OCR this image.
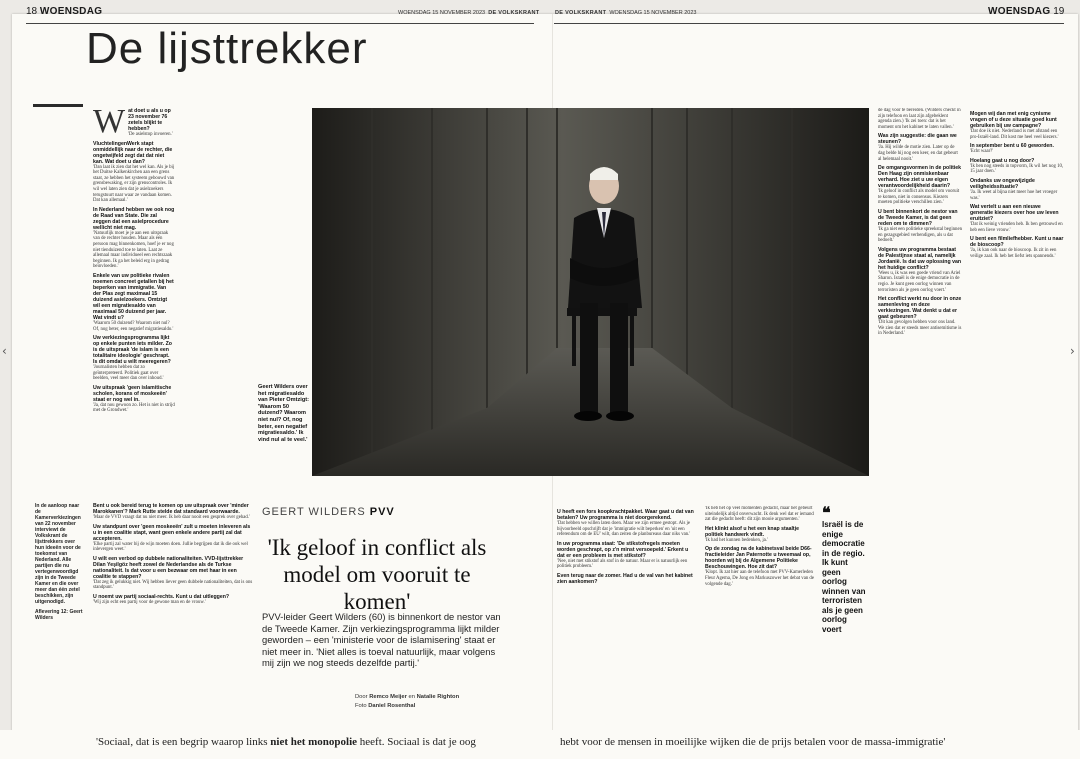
18 WOENSDAG	WOENSDAG 15 NOVEMBER 2023 DE VOLKSKRANT	DE VOLKSKRANT WOENSDAG 15 NOVEMBER 2023	WOENSDAG 19
De lijsttrekker

In de aanloop naar de Kamerverkiezingen van 22 november interviewt de Volkskrant de lijsttrekkers over hun ideeën voor de toekomst van Nederland. Alle partijen die nu vertegenwoordigd zijn in de Tweede Kamer en die over meer dan één zetel beschikken, zijn uitgenodigd.

Aflevering 12: Geert Wilders

W at doet u als u op 23 november 76 zetels blijkt te hebben?
'De asielstop invoeren.'
VluchtelingenWerk stapt onmiddellijk naar de rechter, die ongetwijfeld zegt dat dat niet kan. Wat doet u dan?
'Dan laat ik zien dat het wel kan. Als je bij het Duitse Kalkenkirchen aan een grens staat, ze hebben het systeem gebouwd van grensbewaking, er zijn grenscontroles. Ik wil wel laten zien dat je asielzoekers terugstuurt naar waar ze vandaan komen. Dat kan allemaal.'
In Nederland hebben we ook nog de Raad van State. Die zal zeggen dat een asielprocedure wellicht niet mag.
'Natuurlijk moet je je aan een uitspraak van de rechter houden. Maar als één persoon mag binnenkomen, hoef je er nog niet tienduizend toe te laten. Laat ze allemaal maar individueel een rechtszaak beginnen. Ik ga het beleid erg in gedrag beïnvloeden.'
Enkele van uw politieke rivalen noemen concreet getallen bij het beperken van immigratie. Van der Plas zegt maximaal 15 duizend asielzoekers. Omtzigt wil een migratiesaldo van maximaal 50 duizend per jaar. Wat vindt u?
'Waarom 50 duizend? Waarom niet nul? Of, nog beter, een negatief migratiesaldo.'
Uw verkiezingsprogramma lijkt op enkele punten iets milder. Zo is de uitspraak 'de islam is een totalitaire ideologie' geschrapt. Is dit omdat u wilt meeregeren?
'Journalisten hebben dat zo geïnterpreteerd. Politiek gaat over beelden, veel meer dan over inhoud.'
Uw uitspraak 'geen islamitische scholen, korans of moskeeën' staat er nog wel in.
'Ja, dat nou gewoon zo. Het is niet in strijd met de Grondwet.'
Bent u ook bereid terug te komen op uw uitspraak over 'minder Marokkanen'? Mark Rutte stelde dat standaard voorwaarde.
'Maar de VVD vraagt dat nu niet meer. Ik heb daar nooit een gesprek over gehad.'
Uw standpunt over 'geen moskeeën' zult u moeten inleveren als u in een coalitie stapt, want geen enkele andere partij zal dat accepteren.
'Elke partij zal water bij de wijn moeten doen. Jullie begrijpen dat ik die ook wel inlevergen weet.'
U wilt een verbod op dubbele nationaliteiten. VVD-lijsttrekker Dilan Yeşilgöz heeft zowel de Nederlandse als de Turkse nationaliteit. Is dat voor u een bezwaar om met haar in een coalitie te stappen?
'Dat zeg ik gelukkig niet. Wij hebben liever geen dubbele nationaliteiten, dat is ons standpunt.'
U noemt uw partij sociaal-rechts. Kunt u dat uitleggen?
'Wij zijn echt een partij voor de gewone man en de vrouw.'
Geert Wilders over het migratiesaldo van Pieter Omtzigt: 'Waarom 50 duizend? Waarom niet nul? Of, nog beter, een negatief migratiesaldo.' Ik vind nul al te veel.'
GEERT WILDERS PVV
'Ik geloof in conflict als model om vooruit te komen'
PVV-leider Geert Wilders (60) is binnenkort de nestor van de Tweede Kamer. Zijn verkiezingsprogramma lijkt milder geworden – een 'ministerie voor de islamisering' staat er niet meer in. 'Niet alles is toeval natuurlijk, maar volgens mij zijn we nog steeds dezelfde partij.'
Door Remco Meijer en Natalie Righton
Foto Daniel Rosenthal
U heeft een fors koopkrachtpakket. Waar gaat u dat van betalen? Uw programma is niet doorgerekend.
'Dat hebben we willen laten doen. Maar we zijn ermee gestopt. Als je bijvoorbeeld opschrijft dat je 'immigratie wilt beperken' en 'uit een referendum om de EU' wilt, dan zeiten de planbureaus daar niks van.'
In uw programma staat: 'De stikstofregels moeten worden geschrapt, op z'n minst versoepeld.' Erkent u dat er een probleem is met stikstof?
'Nee, niet met stikstof als stof in de natuur. Maar er is natuurlijk een politiek probleem.'
Even terug naar de zomer. Had u de val van het kabinet zien aankomen?
'Ik heb het op veel momenten gedacht, maar het gebeurt uiteindelijk altijd onverwacht. Ik denk wel dat er iemand zat die gedacht heeft: dit zijn mooie argumenten.'
Het klinkt alsof u het een knap staaltje politiek handwerk vindt.
'Ik had het kunnen bedenken, ja.'
Op de zondag na de kabinetsval beide D66-fractieleider Jan Paternotte u tweemaal op, hoorden wij bij de Algemene Politieke Beschouwingen. Hoe zit dat?
'Klopt. Ik zat hier aan de telefoon met PVV-Kamerleden Fleur Agema, De Jong en Markuszower het debat van de volgende dag.'
❝
Israël is de enige democratie in de regio. Ik kunt geen oorlog winnen van terroristen als je geen oorlog voert
de dag voor te bereiden. (Wilders checkt in zijn telefoon en laat zijn afgebeklent agenda zien.) 'Ik zei toen: dat is het moment om het kabinet te laten vallen.'
Was zijn suggestie: die gaan we steunen?
'Ja. Hij wilde de motie zien. Later op de dag belde hij nog een keer, en dat gebeurt al helemaal nooit.'
De omgangsvormen in de politiek Den Haag zijn onmiskenbaar verhard. Hoe ziet u uw eigen verantwoordelijkheid daarin?
'Ik geloof in conflict als model om vooruit te komen, niet in consensus. Kiezers moeten politieke verschillen zien.'
U bent binnenkort de nestor van de Tweede Kamer, is dat geen reden om te dimmen?
'Ik ga niet een politieke spreekstal beginnen en gezagsgebied verbendigen, als u dat bedoelt.'
Volgens uw programma bestaat de Palestijnse staat al, namelijk Jordanië. Is dat uw oplossing van het huidige conflict?
'Wees u, ik was een goede vriend van Ariel Sharon. Israël is de enige democratie in de regio. Je kunt geen oorlog winnen van terroristen als je geen oorlog voert.'
Het conflict werkt nu door in onze samenleving en deze verkiezingen. Wat denkt u dat er gaat gebeuren?
'Dit kan gevolgen hebben voor ons land. We zien dat er steeds meer antisemitisme is in Nederland.'
Mogen wij dan met enig cynisme vragen of u deze situatie goed kunt gebruiken bij uw campagne?
'Dat doe ik niet. Nederland is met afstand een pro-Israël-land. Dit kost me heel veel kiezers.'
In september bent u 60 geworden.
'Echt waar?'
Hoelang gaat u nog door?
'Ik ben nog steeds in topvorm, Ik wil het nog 10, 15 jaar doen.'
Ondanks uw ongewijzigde veiligheidssituatie?
'Ja. Ik weet al bijna niet meer hoe het vroeger was.'
Wat vertelt u aan een nieuwe generatie kiezers over hoe uw leven eruitziet?
'Dat ik weinig vrienden heb. Ik ben getrouwd en heb een lieve vrouw.'
U bent een filmliefhebber. Kunt u naar de bioscoop?
'Ja, ik kan ook naar de bioscoop. Ik zit in een veilige zaal. Ik heb het liefst iets spannends.'
‹	›
'Sociaal, dat is een begrip waarop links niet het monopolie heeft. Sociaal is dat je oog	hebt voor de mensen in moeilijke wijken die de prijs betalen voor de massa-immigratie'
